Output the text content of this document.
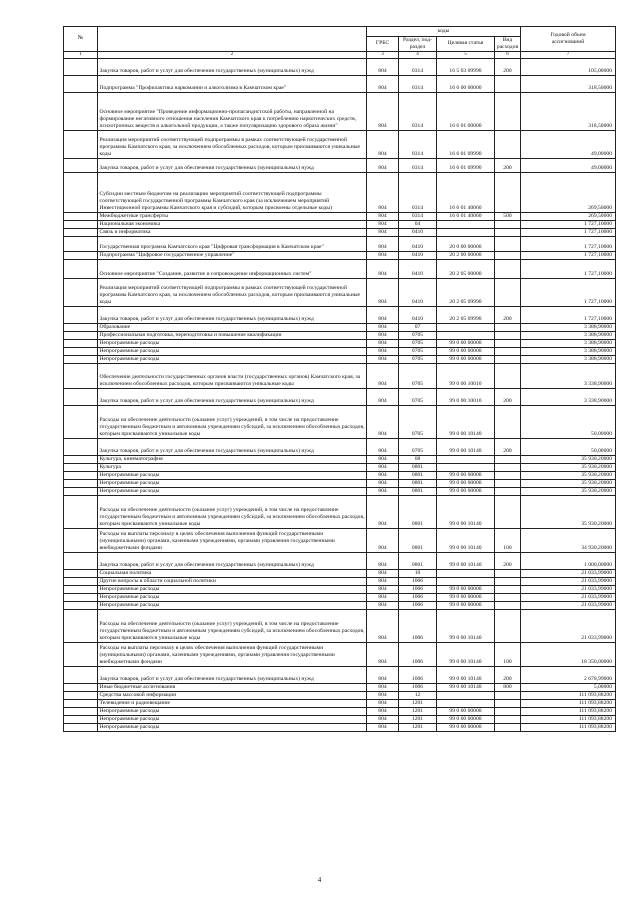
№		коды				Годовой объем
ассигнований
		ГРБС	Раздел, под-
раздел	Целевая статья	Вид
расходов	
1	2	3	4	5	6	7
	Закупка товаров, работ и услуг для обеспечения государственных (муниципальных) нужд	804	0314	16 5 03 09990	200	105,00000
	Подпрограмма "Профилактика наркомании и алкоголизма в Камчатском крае"	804	0314	16 6 00 00000		318,50000
	Основное мероприятие "Проведение информационно-пропагандистской работы, направленной на формирование негативного отношения населения Камчатского края к потреблению наркотических средств, психотропных веществ и алкогольной продукции, а также популяризацию здорового образа жизни"	804	0314	16 6 01 00000		318,50000
	Реализация мероприятий соответствующей подпрограммы в рамках соответствующей государственной программы Камчатского края, за исключением обособленных расходов, которым присваиваются уникальные коды	804	0314	16 6 01 09990		49,00000
	Закупка товаров, работ и услуг для обеспечения государственных (муниципальных) нужд	804	0314	16 6 01 09990	200	49,00000
	Субсидии местным бюджетам на реализацию мероприятий соответствующей подпрограммы соответствующей государственной программы Камчатского края (за исключением мероприятий Инвестиционной программы Камчатского края и субсидий, которым присвоены отдельные коды)	804	0314	16 6 01 40060		269,50000
	Межбюджетные трансферты	804	0314	16 6 01 40060	500	269,50000
	Национальная экономика	804	04			1 727,10000
	Связь и информатика	804	0410			1 727,10000
	Государственная программа Камчатского края "Цифровая трансформация в Камчатском крае"	804	0410	20 0 00 00000		1 727,10000
	Подпрограмма "Цифровое государственное управление"	804	0410	20 2 00 00000		1 727,10000
	Основное мероприятие "Создание, развитие и сопровождение информационных систем"	804	0410	20 2 05 00000		1 727,10000
	Реализация мероприятий соответствующей подпрограммы в рамках соответствующей государственной программы Камчатского края, за исключением обособленных расходов, которым присваиваются уникальные коды	804	0410	20 2 05 09990		1 727,10000
	Закупка товаров, работ и услуг для обеспечения государственных (муниципальных) нужд	804	0410	20 2 05 09990	200	1 727,10000
	Образование	804	07			3 388,90000
	Профессиональная подготовка, переподготовка и повышение квалификации	804	0705			3 388,90000
	Непрограммные расходы	804	0705	99 0 00 00000		3 388,90000
	Непрограммные расходы	804	0705	99 0 00 00000		3 388,90000
	Непрограммные расходы	804	0705	99 0 00 00000		3 388,90000
	Обеспечение деятельности государственных органов власти (государственных органов) Камчатского края, за исключением обособленных расходов, которым присваиваются уникальные коды	804	0705	99 0 00 10010		3 338,90000
	Закупка товаров, работ и услуг для обеспечения государственных (муниципальных) нужд	804	0705	99 0 00 10010	200	3 338,90000
	Расходы на обеспечение деятельности (оказание услуг) учреждений, в том числе на предоставление государственным бюджетным и автономным учреждениям субсидий, за исключением обособленных расходов, которым присваиваются уникальные коды	804	0705	99 0 00 10140		50,00000
	Закупка товаров, работ и услуг для обеспечения государственных (муниципальных) нужд	804	0705	99 0 00 10140	200	50,00000
	Культура, кинематография	804	08			35 930,20000
	Культура	804	0801			35 930,20000
	Непрограммные расходы	804	0801	99 0 00 00000		35 930,20000
	Непрограммные расходы	804	0801	99 0 00 00000		35 930,20000
	Непрограммные расходы	804	0801	99 0 00 00000		35 930,20000
	Расходы на обеспечение деятельности (оказание услуг) учреждений, в том числе на предоставление государственным бюджетным и автономным учреждениям субсидий, за исключением обособленных расходов, которым присваиваются уникальные коды	804	0801	99 0 00 10140		35 930,20000
	Расходы на выплаты персоналу в целях обеспечения выполнения функций государственными (муниципальными) органами, казенными учреждениями, органами управления государственными внебюджетными фондами	804	0801	99 0 00 10140	100	34 930,20000
	Закупка товаров, работ и услуг для обеспечения государственных (муниципальных) нужд	804	0801	99 0 00 10140	200	1 000,00000
	Социальная политика	804	10			21 033,99000
	Другие вопросы в области социальной политики	804	1006			21 033,99000
	Непрограммные расходы	804	1006	99 0 00 00000		21 033,99000
	Непрограммные расходы	804	1006	99 0 00 00000		21 033,99000
	Непрограммные расходы	804	1006	99 0 00 00000		21 033,99000
	Расходы на обеспечение деятельности (оказание услуг) учреждений, в том числе на предоставление государственным бюджетным и автономным учреждениям субсидий, за исключением обособленных расходов, которым присваиваются уникальные коды	804	1006	99 0 00 10140		21 033,99000
	Расходы на выплаты персоналу в целях обеспечения выполнения функций государственными (муниципальными) органами, казенными учреждениями, органами управления государственными внебюджетными фондами	804	1006	99 0 00 10140	100	18 350,00000
	Закупка товаров, работ и услуг для обеспечения государственных (муниципальных) нужд	804	1006	99 0 00 10140	200	2 678,99000
	Иные бюджетные ассигнования	804	1006	99 0 00 10140	800	5,00000
	Средства массовой информации	804	12			111 093,88200
	Телевидение и радиовещание	804	1201			111 093,88200
	Непрограммные расходы	804	1201	99 0 00 00000		111 093,88200
	Непрограммные расходы	804	1201	99 0 00 00000		111 093,88200
	Непрограммные расходы	804	1201	99 0 00 00000		111 093,88200
4
